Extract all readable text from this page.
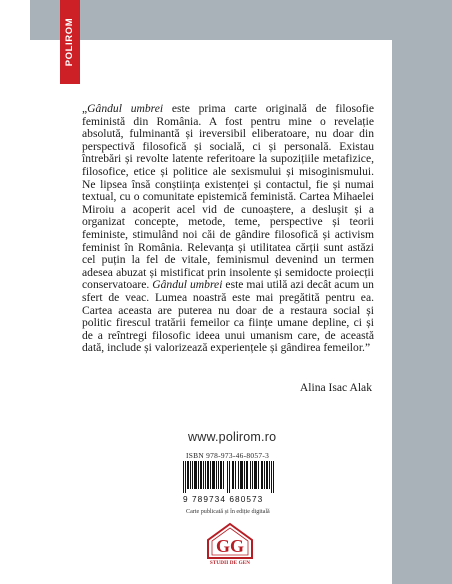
POLIROM

„Gândul umbrei este prima carte originală de filosofie feministă din România. A fost pentru mine o revelație absolută, fulminantă și ireversibil eliberatoare, nu doar din perspectivă filosofică și socială, ci și personală. Existau întrebări și revolte latente referitoare la supozițiile metafizice, filosofice, etice și politice ale sexismului și misoginismului. Ne lipsea însă conștiința existenței și contactul, fie și numai textual, cu o comunitate epistemică feministă. Cartea Mihaelei Miroiu a acoperit acel vid de cunoaștere, a deslușit și a organizat concepte, metode, teme, perspective și teorii feministe, stimulând noi căi de gândire filosofică și activism feminist în România. Relevanța și utilitatea cărții sunt astăzi cel puțin la fel de vitale, feminismul devenind un termen adesea abuzat și mistificat prin insolente și semidocte proiecții conservatoare. Gândul umbrei este mai utilă azi decât acum un sfert de veac. Lumea noastră este mai pregătită pentru ea. Cartea aceasta are puterea nu doar de a restaura social și politic firescul tratării femeilor ca ființe umane depline, ci și de a reîntregi filosofic ideea unui umanism care, de această dată, include și valorizează experiențele și gândirea femeilor.”

Alina Isac Alak
www.polirom.ro
ISBN 978-973-46-8057-3
9 789734 680573
Carte publicată și în ediție digitală
GG
STUDII DE GEN
